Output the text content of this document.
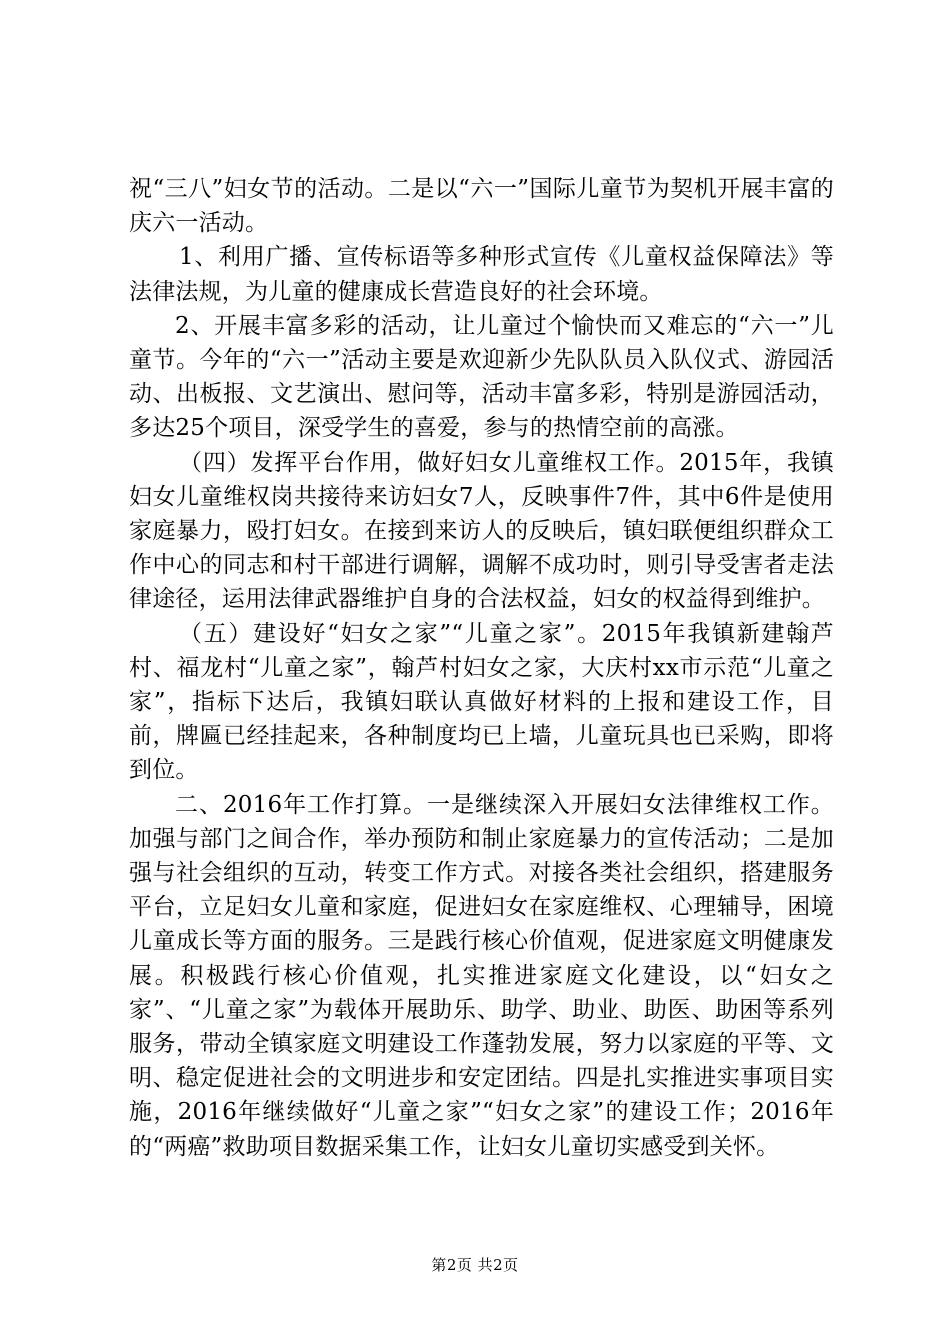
祝“三八”妇女节的活动。二是以“六一”国际儿童节为契机开展丰富的庆六一活动。

1、利用广播、宣传标语等多种形式宣传《儿童权益保障法》等法律法规，为儿童的健康成长营造良好的社会环境。

2、开展丰富多彩的活动，让儿童过个愉快而又难忘的“六一”儿童节。今年的“六一”活动主要是欢迎新少先队队员入队仪式、游园活动、出板报、文艺演出、慰问等，活动丰富多彩，特别是游园活动，多达25个项目，深受学生的喜爱，参与的热情空前的高涨。

（四）发挥平台作用，做好妇女儿童维权工作。2015年，我镇妇女儿童维权岗共接待来访妇女7人，反映事件7件，其中6件是使用家庭暴力，殴打妇女。在接到来访人的反映后，镇妇联便组织群众工作中心的同志和村干部进行调解，调解不成功时，则引导受害者走法律途径，运用法律武器维护自身的合法权益，妇女的权益得到维护。

（五）建设好“妇女之家”“儿童之家”。2015年我镇新建翰芦村、福龙村“儿童之家”，翰芦村妇女之家，大庆村xx市示范“儿童之家”，指标下达后，我镇妇联认真做好材料的上报和建设工作，目前，牌匾已经挂起来，各种制度均已上墙，儿童玩具也已采购，即将到位。

二、2016年工作打算。一是继续深入开展妇女法律维权工作。加强与部门之间合作，举办预防和制止家庭暴力的宣传活动；二是加强与社会组织的互动，转变工作方式。对接各类社会组织，搭建服务平台，立足妇女儿童和家庭，促进妇女在家庭维权、心理辅导，困境儿童成长等方面的服务。三是践行核心价值观，促进家庭文明健康发展。积极践行核心价值观，扎实推进家庭文化建设，以“妇女之家”、“儿童之家”为载体开展助乐、助学、助业、助医、助困等系列服务，带动全镇家庭文明建设工作蓬勃发展，努力以家庭的平等、文明、稳定促进社会的文明进步和安定团结。四是扎实推进实事项目实施，2016年继续做好“儿童之家”“妇女之家”的建设工作；2016年的“两癌”救助项目数据采集工作，让妇女儿童切实感受到关怀。

第2页 共2页
